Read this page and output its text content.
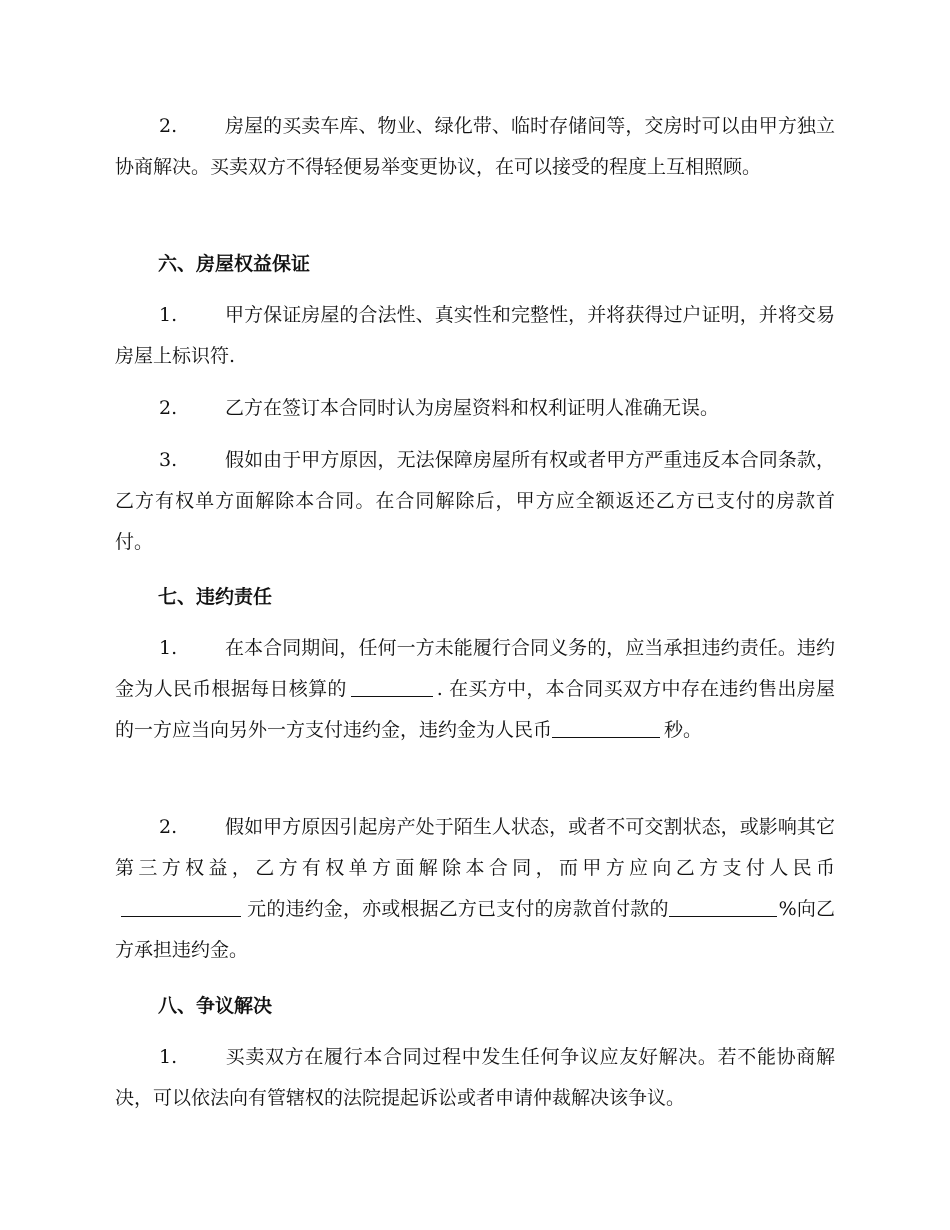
2.	房屋的买卖车库、物业、绿化带、临时存储间等，交房时可以由甲方独立协商解决。买卖双方不得轻便易举变更协议，在可以接受的程度上互相照顾。

六、房屋权益保证

1.	甲方保证房屋的合法性、真实性和完整性，并将获得过户证明，并将交易房屋上标识符.

2.	乙方在签订本合同时认为房屋资料和权利证明人准确无误。

3.	假如由于甲方原因，无法保障房屋所有权或者甲方严重违反本合同条款，乙方有权单方面解除本合同。在合同解除后，甲方应全额返还乙方已支付的房款首付。

七、违约责任

1.	在本合同期间，任何一方未能履行合同义务的，应当承担违约责任。违约金为人民币根据每日核算的	. 在买方中，本合同买双方中存在违约售出房屋的一方应当向另外一方支付违约金，违约金为人民币	秒。

2.	假如甲方原因引起房产处于陌生人状态，或者不可交割状态，或影响其它第三方权益，乙方有权单方面解除本合同，而甲方应向乙方支付人民币元的违约金，亦或根据乙方已支付的房款首付款的	%向乙方承担违约金。

八、争议解决

1.	买卖双方在履行本合同过程中发生任何争议应友好解决。若不能协商解决，可以依法向有管辖权的法院提起诉讼或者申请仲裁解决该争议。
